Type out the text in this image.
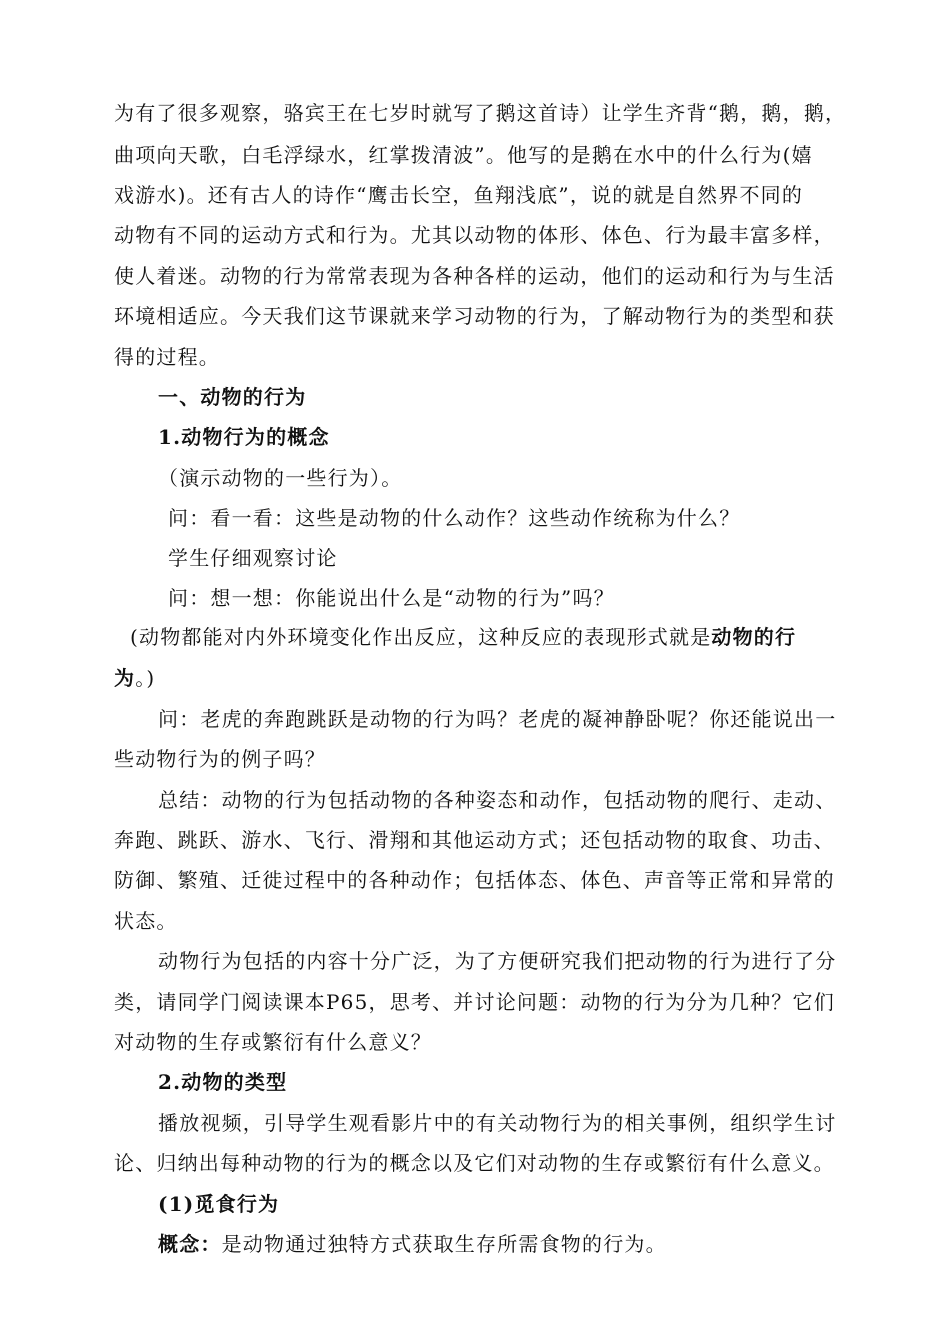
为有了很多观察，骆宾王在七岁时就写了鹅这首诗）让学生齐背“鹅，鹅，鹅，
曲项向天歌，白毛浮绿水，红掌拨清波”。他写的是鹅在水中的什么行为(嬉
戏游水)。还有古人的诗作“鹰击长空，鱼翔浅底”，说的就是自然界不同的
动物有不同的运动方式和行为。尤其以动物的体形、体色、行为最丰富多样，
使人着迷。动物的行为常常表现为各种各样的运动，他们的运动和行为与生活
环境相适应。今天我们这节课就来学习动物的行为，了解动物行为的类型和获
得的过程。
一、动物的行为
1.动物行为的概念
（演示动物的一些行为）。
问：看一看：这些是动物的什么动作？这些动作统称为什么？
学生仔细观察讨论
问：想一想：你能说出什么是“动物的行为”吗？
(动物都能对内外环境变化作出反应，这种反应的表现形式就是动物的行
为。)
问：老虎的奔跑跳跃是动物的行为吗？老虎的凝神静卧呢？你还能说出一
些动物行为的例子吗？
总结：动物的行为包括动物的各种姿态和动作，包括动物的爬行、走动、
奔跑、跳跃、游水、飞行、滑翔和其他运动方式；还包括动物的取食、功击、
防御、繁殖、迁徙过程中的各种动作；包括体态、体色、声音等正常和异常的
状态。
动物行为包括的内容十分广泛，为了方便研究我们把动物的行为进行了分
类，请同学门阅读课本P65，思考、并讨论问题：动物的行为分为几种？它们
对动物的生存或繁衍有什么意义？
2.动物的类型
播放视频，引导学生观看影片中的有关动物行为的相关事例，组织学生讨
论、归纳出每种动物的行为的概念以及它们对动物的生存或繁衍有什么意义。
(1)觅食行为
概念：是动物通过独特方式获取生存所需食物的行为。
